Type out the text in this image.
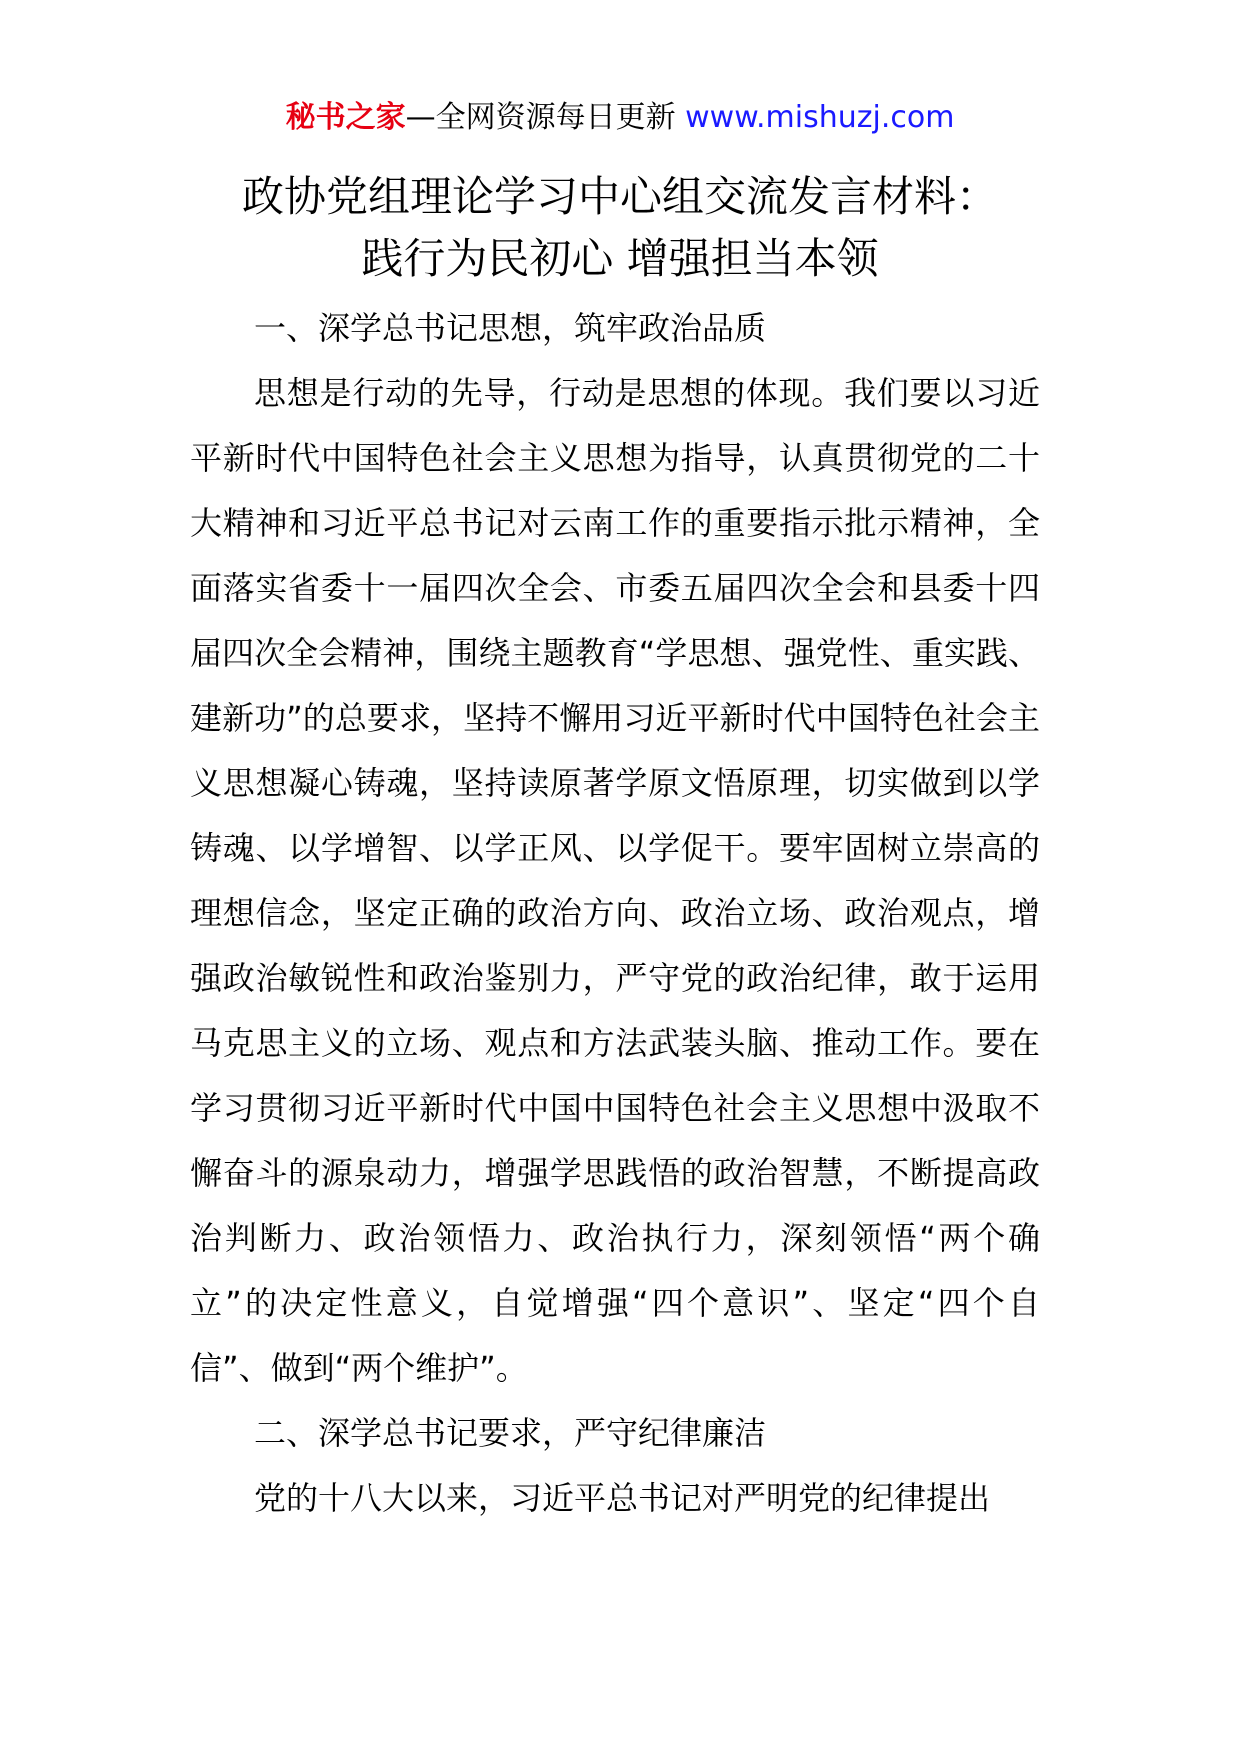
秘书之家—全网资源每日更新 www.mishuzj.com
政协党组理论学习中心组交流发言材料：
践行为民初心 增强担当本领

一、深学总书记思想，筑牢政治品质

思想是行动的先导，行动是思想的体现。我们要以习近平新时代中国特色社会主义思想为指导，认真贯彻党的二十大精神和习近平总书记对云南工作的重要指示批示精神，全面落实省委十一届四次全会、市委五届四次全会和县委十四届四次全会精神，围绕主题教育“学思想、强党性、重实践、建新功”的总要求，坚持不懈用习近平新时代中国特色社会主义思想凝心铸魂，坚持读原著学原文悟原理，切实做到以学铸魂、以学增智、以学正风、以学促干。要牢固树立崇高的理想信念，坚定正确的政治方向、政治立场、政治观点，增强政治敏锐性和政治鉴别力，严守党的政治纪律，敢于运用马克思主义的立场、观点和方法武装头脑、推动工作。要在学习贯彻习近平新时代中国中国特色社会主义思想中汲取不懈奋斗的源泉动力，增强学思践悟的政治智慧，不断提高政治判断力、政治领悟力、政治执行力，深刻领悟“两个确立”的决定性意义，自觉增强“四个意识”、坚定“四个自信”、做到“两个维护”。

二、深学总书记要求，严守纪律廉洁

党的十八大以来，习近平总书记对严明党的纪律提出
